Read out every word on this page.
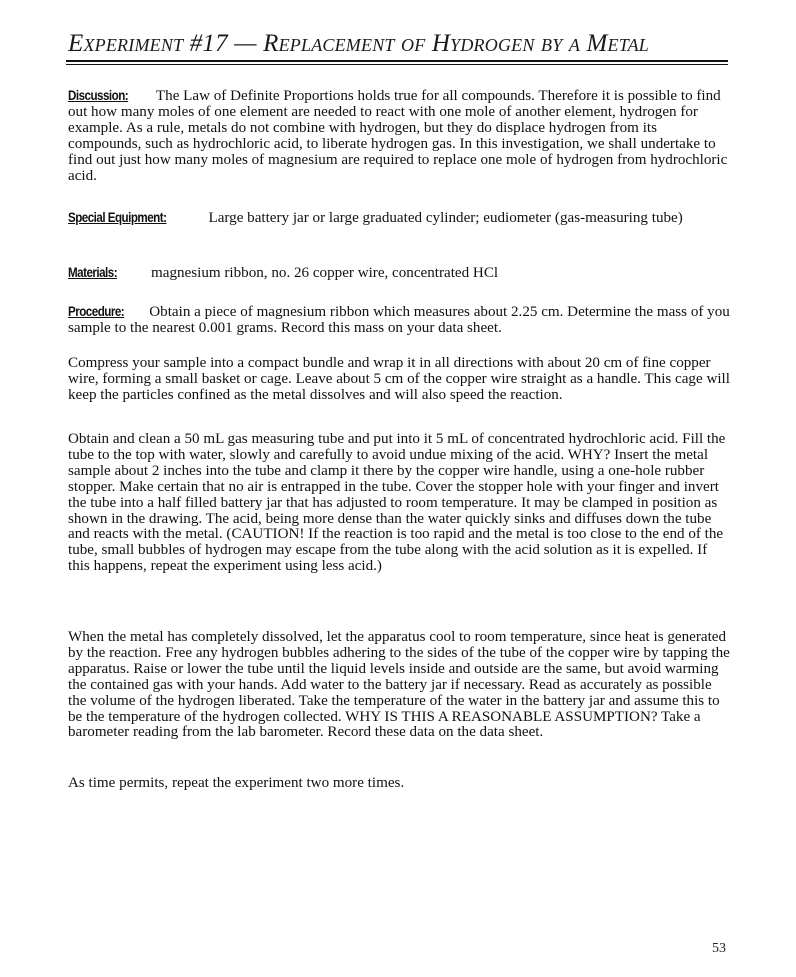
Experiment #17 — Replacement of Hydrogen by a Metal

Discussion: The Law of Definite Proportions holds true for all compounds. Therefore it is possible to find out how many moles of one element are needed to react with one mole of another element, hydrogen for example. As a rule, metals do not combine with hydrogen, but they do displace hydrogen from its compounds, such as hydrochloric acid, to liberate hydrogen gas. In this investigation, we shall undertake to find out just how many moles of magnesium are required to replace one mole of hydrogen from hydrochloric acid.

Special Equipment:	Large battery jar or large graduated cylinder; eudiometer (gas-measuring tube)

Materials: magnesium ribbon, no. 26 copper wire, concentrated HCl

Procedure: Obtain a piece of magnesium ribbon which measures about 2.25 cm. Determine the mass of you sample to the nearest 0.001 grams. Record this mass on your data sheet.

Compress your sample into a compact bundle and wrap it in all directions with about 20 cm of fine copper wire, forming a small basket or cage. Leave about 5 cm of the copper wire straight as a handle. This cage will keep the particles confined as the metal dissolves and will also speed the reaction.

Obtain and clean a 50 mL gas measuring tube and put into it 5 mL of concentrated hydrochloric acid. Fill the tube to the top with water, slowly and carefully to avoid undue mixing of the acid. WHY? Insert the metal sample about 2 inches into the tube and clamp it there by the copper wire handle, using a one-hole rubber stopper. Make certain that no air is entrapped in the tube. Cover the stopper hole with your finger and invert the tube into a half filled battery jar that has adjusted to room temperature. It may be clamped in position as shown in the drawing. The acid, being more dense than the water quickly sinks and diffuses down the tube and reacts with the metal. (CAUTION! If the reaction is too rapid and the metal is too close to the end of the tube, small bubbles of hydrogen may escape from the tube along with the acid solution as it is expelled. If this happens, repeat the experiment using less acid.)

When the metal has completely dissolved, let the apparatus cool to room temperature, since heat is generated by the reaction. Free any hydrogen bubbles adhering to the sides of the tube of the copper wire by tapping the apparatus. Raise or lower the tube until the liquid levels inside and outside are the same, but avoid warming the contained gas with your hands. Add water to the battery jar if necessary. Read as accurately as possible the volume of the hydrogen liberated. Take the temperature of the water in the battery jar and assume this to be the temperature of the hydrogen collected. WHY IS THIS A REASONABLE ASSUMPTION? Take a barometer reading from the lab barometer. Record these data on the data sheet.

As time permits, repeat the experiment two more times.

53
